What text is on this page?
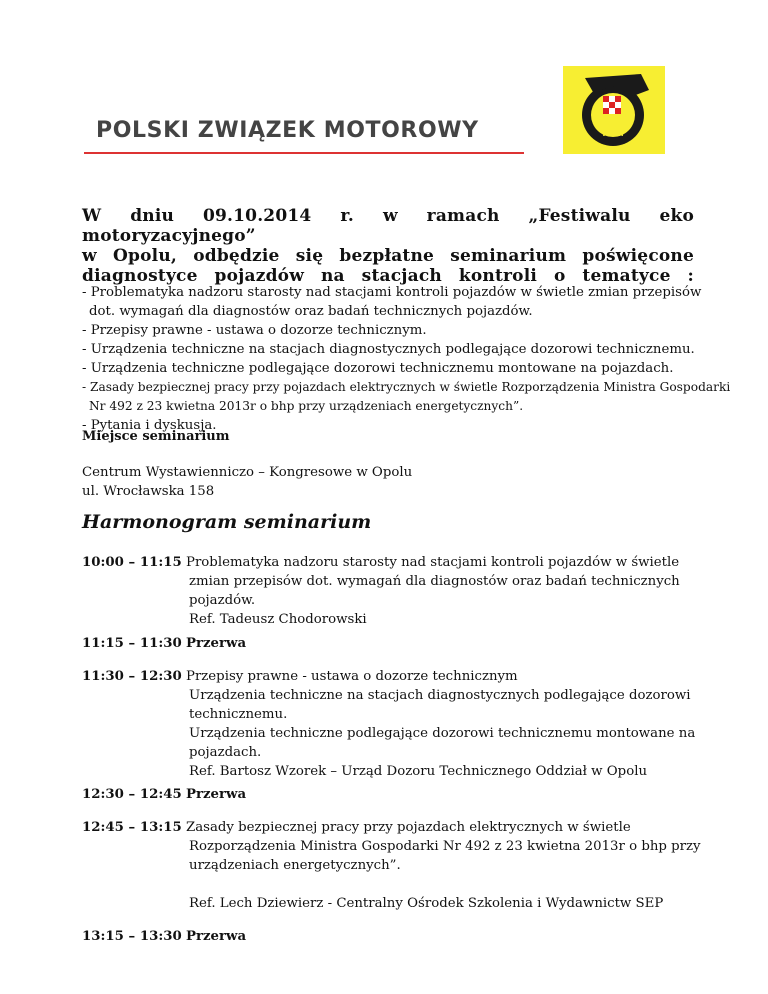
POLSKI ZWIĄZEK MOTOROWY	PZM
W dniu 09.10.2014 r. w ramach „Festiwalu eko motoryzacyjnego”
w Opolu, odbędzie się bezpłatne seminarium poświęcone
diagnostyce pojazdów na stacjach kontroli o tematyce :
- Problematyka nadzoru starosty nad stacjami kontroli pojazdów w świetle zmian przepisów
dot. wymagań dla diagnostów oraz badań technicznych pojazdów.
- Przepisy prawne - ustawa o dozorze technicznym.
- Urządzenia techniczne na stacjach diagnostycznych podlegające dozorowi technicznemu.
- Urządzenia techniczne podlegające dozorowi technicznemu montowane na pojazdach.
- Zasady bezpiecznej pracy przy pojazdach elektrycznych w świetle Rozporządzenia Ministra Gospodarki
Nr 492 z 23 kwietna 2013r o bhp przy urządzeniach energetycznych”.
- Pytania i dyskusja.
Miejsce seminarium
Centrum Wystawienniczo – Kongresowe w Opolu
ul. Wrocławska 158
Harmonogram seminarium
10:00 – 11:15 Problematyka nadzoru starosty nad stacjami kontroli pojazdów w świetle
zmian przepisów dot. wymagań dla diagnostów oraz badań technicznych
pojazdów.
Ref. Tadeusz Chodorowski
11:15 – 11:30 Przerwa
11:30 – 12:30 Przepisy prawne - ustawa o dozorze technicznym
Urządzenia techniczne na stacjach diagnostycznych podlegające dozorowi
technicznemu.
Urządzenia techniczne podlegające dozorowi technicznemu montowane na
pojazdach.
Ref. Bartosz Wzorek – Urząd Dozoru Technicznego Oddział w Opolu
12:30 – 12:45 Przerwa
12:45 – 13:15 Zasady bezpiecznej pracy przy pojazdach elektrycznych w świetle
Rozporządzenia Ministra Gospodarki Nr 492 z 23 kwietna 2013r o bhp przy
urządzeniach energetycznych”.
Ref. Lech Dziewierz - Centralny Ośrodek Szkolenia i Wydawnictw SEP
13:15 – 13:30 Przerwa
